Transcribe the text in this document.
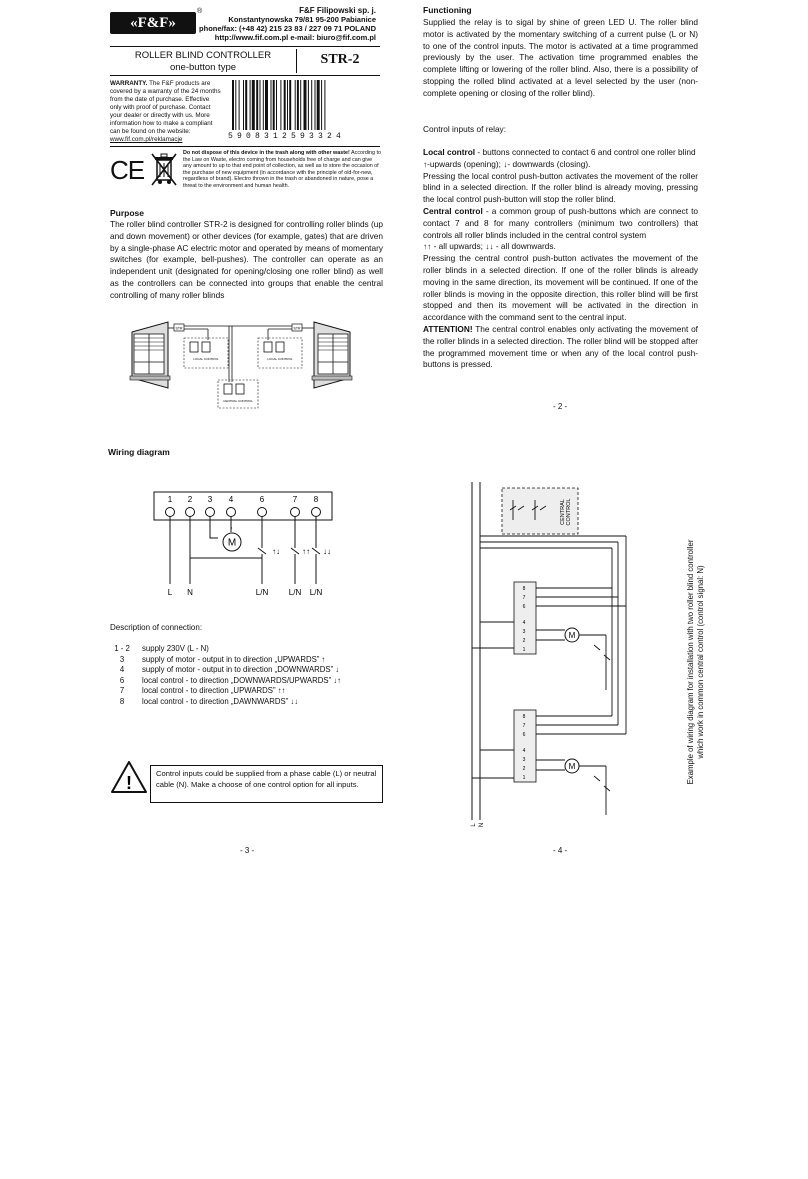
«F&F»
®	F&F Filipowski sp. j.
Konstantynowska 79/81 95-200 Pabianice
phone/fax: (+48 42) 215 23 83 / 227 09 71 POLAND
http://www.fif.com.pl e-mail: biuro@fif.com.pl
ROLLER BLIND CONTROLLER
one-button type
STR-2
WARRANTY. The F&F products are covered by a warranty of the 24 months from the date of purchase. Effective only with proof of purchase. Contact your dealer or directly with us. More information how to make a compliant can be found on the website: www.fif.com.pl/reklamacje	5908312593324
CE
Do not dispose of this device in the trash along with other waste! According to the Law on Waste, electro coming from households free of charge and can give any amount to up to that end point of collection, as well as to store the occasion of the purchase of new equipment (in accordance with the principle of old-for-new, regardless of brand). Electro thrown in the trash or abandoned in nature, pose a threat to the environment and human health.
Purpose
The roller blind controller STR-2 is designed for controlling roller blinds (up and down movement) or other devices (for example, gates) that are driven by a single-phase AC electric motor and operated by means of momentary switches (for example, bell-pushes). The controller can operate as an independent unit (designated for opening/closing one roller blind) as well as the controllers can be connected into groups that enable the central controlling of many roller blinds
STR	STR
LOCAL CONTROL	LOCAL CONTROL
CENTRAL CONTROL
Functioning
Supplied the relay is to sigal by shine of green LED U. The roller blind motor is activated by the momentary switching of a current pulse (L or N) to one of the control inputs. The motor is activated at a time programmed previously by the user. The activation time programmed enables the complete lifting or lowering of the roller blind. Also, there is a possibility of stopping the rolled blind activated at a level selected by the user (non-complete opening or closing of the roller blind).
Control inputs of relay:

Local control - buttons connected to contact 6 and control one roller blind

↑-upwards (opening); ↓- downwards (closing).

Pressing the local control push-button activates the movement of the roller blind in a selected direction. If the roller blind is already moving, pressing the local control push-button will stop the roller blind.

Central control - a common group of push-buttons which are connect to contact 7 and 8 for many controllers (minimum two controllers) that controls all roller blinds included in the central control system

↑↑ - all upwards; ↓↓ - all downwards.

Pressing the central control push-button activates the movement of the roller blinds in a selected direction. If one of the roller blinds is already moving in the same direction, its movement will be continued. If one of the roller blinds is moving in the opposite direction, this roller blind will be first stopped and then its movement will be activated in the direction in accordance with the command sent to the central input.

ATTENTION! The central control enables only activating the movement of the roller blinds in a selected direction. The roller blind will be stopped after the programmed movement time or when any of the local control push-buttons is pressed.

- 2 -
Wiring diagram
1 2 3 4	6	7 8
M
↑↓	↑↑ ↓↓
L N	L/N	L/N L/N
Description of connection:
1 - 2	supply 230V (L - N)
3	supply of motor - output in to direction „UPWARDS” ↑
4	supply of motor - output in to direction „DOWNWARDS” ↓
6	local control - to direction „DOWNWARDS/UPWARDS” ↓↑
7	local control - to direction „UPWARDS” ↑↑
8	local control - to direction „DAWNWARDS” ↓↓
!	Control inputs could be supplied from a phase cable (L) or neutral cable (N). Make a choose of one control option for all inputs.
- 3 -
CENTRAL CONTROL
8
7
6
4
3
2
1
M
8
7
6
4
3
2
1
M
L N
Example of wiring diagram for installation with two roller blind controller which work in common central control (control signal: N)
- 4 -
